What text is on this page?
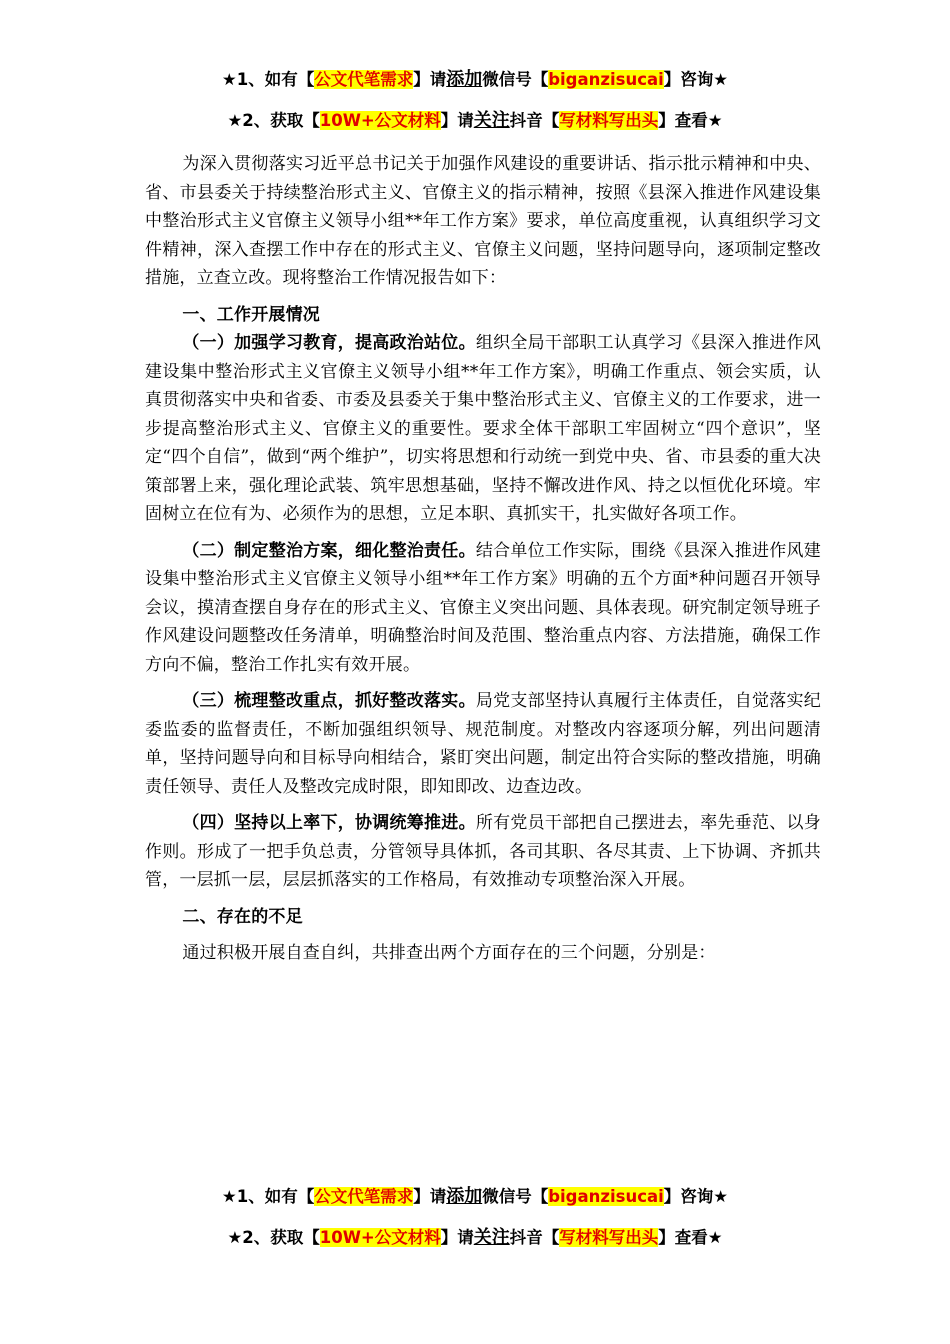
★1、如有【公文代笔需求】请添加微信号【biganzisucai】咨询★
★2、获取【10W+公文材料】请关注抖音【写材料写出头】查看★

为深入贯彻落实习近平总书记关于加强作风建设的重要讲话、指示批示精神和中央、省、市县委关于持续整治形式主义、官僚主义的指示精神，按照《县深入推进作风建设集中整治形式主义官僚主义领导小组**年工作方案》要求，单位高度重视，认真组织学习文件精神，深入查摆工作中存在的形式主义、官僚主义问题，坚持问题导向，逐项制定整改措施，立查立改。现将整治工作情况报告如下：

一、工作开展情况

（一）加强学习教育，提高政治站位。组织全局干部职工认真学习《县深入推进作风建设集中整治形式主义官僚主义领导小组**年工作方案》，明确工作重点、领会实质，认真贯彻落实中央和省委、市委及县委关于集中整治形式主义、官僚主义的工作要求，进一步提高整治形式主义、官僚主义的重要性。要求全体干部职工牢固树立“四个意识”，坚定“四个自信”，做到“两个维护”，切实将思想和行动统一到党中央、省、市县委的重大决策部署上来，强化理论武装、筑牢思想基础，坚持不懈改进作风、持之以恒优化环境。牢固树立在位有为、必须作为的思想，立足本职、真抓实干，扎实做好各项工作。

（二）制定整治方案，细化整治责任。结合单位工作实际，围绕《县深入推进作风建设集中整治形式主义官僚主义领导小组**年工作方案》明确的五个方面*种问题召开领导会议，摸清查摆自身存在的形式主义、官僚主义突出问题、具体表现。研究制定领导班子作风建设问题整改任务清单，明确整治时间及范围、整治重点内容、方法措施，确保工作方向不偏，整治工作扎实有效开展。

（三）梳理整改重点，抓好整改落实。局党支部坚持认真履行主体责任，自觉落实纪委监委的监督责任，不断加强组织领导、规范制度。对整改内容逐项分解，列出问题清单，坚持问题导向和目标导向相结合，紧盯突出问题，制定出符合实际的整改措施，明确责任领导、责任人及整改完成时限，即知即改、边查边改。

（四）坚持以上率下，协调统筹推进。所有党员干部把自己摆进去，率先垂范、以身作则。形成了一把手负总责，分管领导具体抓，各司其职、各尽其责、上下协调、齐抓共管，一层抓一层，层层抓落实的工作格局，有效推动专项整治深入开展。

二、存在的不足

通过积极开展自查自纠，共排查出两个方面存在的三个问题，分别是：

★1、如有【公文代笔需求】请添加微信号【biganzisucai】咨询★
★2、获取【10W+公文材料】请关注抖音【写材料写出头】查看★
